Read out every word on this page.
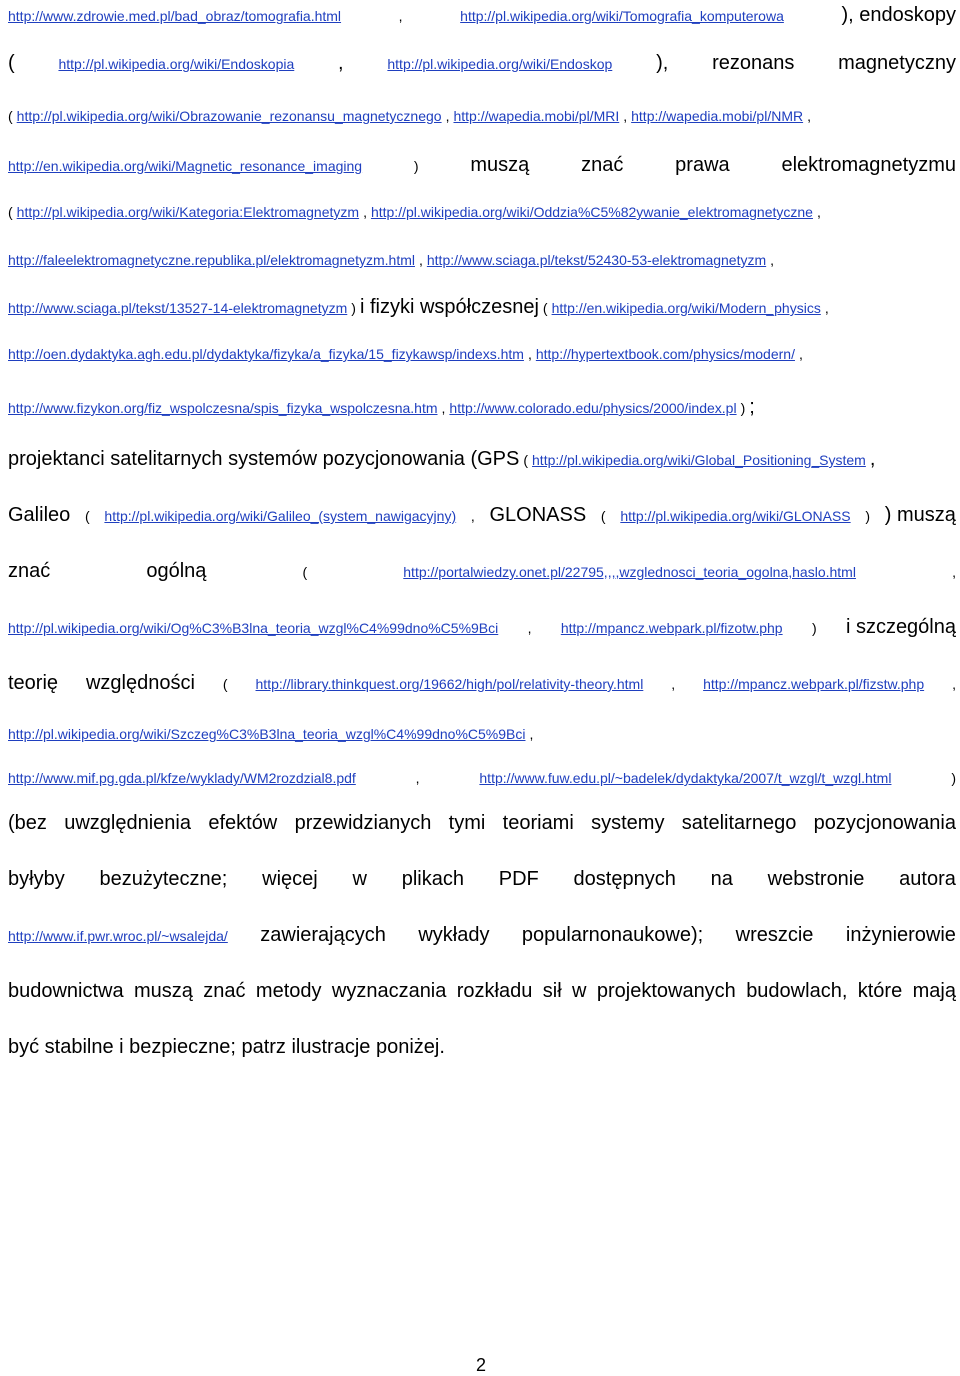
http://www.zdrowie.med.pl/bad_obraz/tomografia.html	,	http://pl.wikipedia.org/wiki/Tomografia_komputerowa	), endoskopy
(	http://pl.wikipedia.org/wiki/Endoskopia ,	http://pl.wikipedia.org/wiki/Endoskop ), rezonans magnetyczny
( http://pl.wikipedia.org/wiki/Obrazowanie_rezonansu_magnetycznego , http://wapedia.mobi/pl/MRI , http://wapedia.mobi/pl/NMR ,
http://en.wikipedia.org/wiki/Magnetic_resonance_imaging	)	muszą	znać	prawa	elektromagnetyzmu
( http://pl.wikipedia.org/wiki/Kategoria:Elektromagnetyzm , http://pl.wikipedia.org/wiki/Oddzia%C5%82ywanie_elektromagnetyczne ,
http://faleelektromagnetyczne.republika.pl/elektromagnetyzm.html , http://www.sciaga.pl/tekst/52430-53-elektromagnetyzm ,
http://www.sciaga.pl/tekst/13527-14-elektromagnetyzm ) i fizyki współczesnej ( http://en.wikipedia.org/wiki/Modern_physics ,
http://oen.dydaktyka.agh.edu.pl/dydaktyka/fizyka/a_fizyka/15_fizykawsp/indexs.htm , http://hypertextbook.com/physics/modern/ ,
http://www.fizykon.org/fiz_wspolczesna/spis_fizyka_wspolczesna.htm , http://www.colorado.edu/physics/2000/index.pl ) ;
projektanci satelitarnych systemów pozycjonowania (GPS ( http://pl.wikipedia.org/wiki/Global_Positioning_System ,
Galileo ( http://pl.wikipedia.org/wiki/Galileo_(system_nawigacyjny) , GLONASS ( http://pl.wikipedia.org/wiki/GLONASS ) ) muszą
znać	ogólną	(	http://portalwiedzy.onet.pl/22795,,,,wzglednosci_teoria_ogolna,haslo.html	,
http://pl.wikipedia.org/wiki/Og%C3%B3lna_teoria_wzgl%C4%99dno%C5%9Bci , http://mpancz.webpark.pl/fizotw.php ) i szczególną
teorię względności ( http://library.thinkquest.org/19662/high/pol/relativity-theory.html , http://mpancz.webpark.pl/fizstw.php ,
http://pl.wikipedia.org/wiki/Szczeg%C3%B3lna_teoria_wzgl%C4%99dno%C5%9Bci ,
http://www.mif.pg.gda.pl/kfze/wyklady/WM2rozdzial8.pdf	,	http://www.fuw.edu.pl/~badelek/dydaktyka/2007/t_wzgl/t_wzgl.html	)
(bez uwzględnienia efektów przewidzianych tymi teoriami systemy satelitarnego pozycjonowania
byłyby bezużyteczne; więcej w plikach PDF dostępnych na webstronie autora
http://www.if.pwr.wroc.pl/~wsalejda/ zawierających wykłady popularnonaukowe); wreszcie inżynierowie
budownictwa muszą znać metody wyznaczania rozkładu sił w projektowanych budowlach, które mają
być stabilne i bezpieczne; patrz ilustracje poniżej.
2
